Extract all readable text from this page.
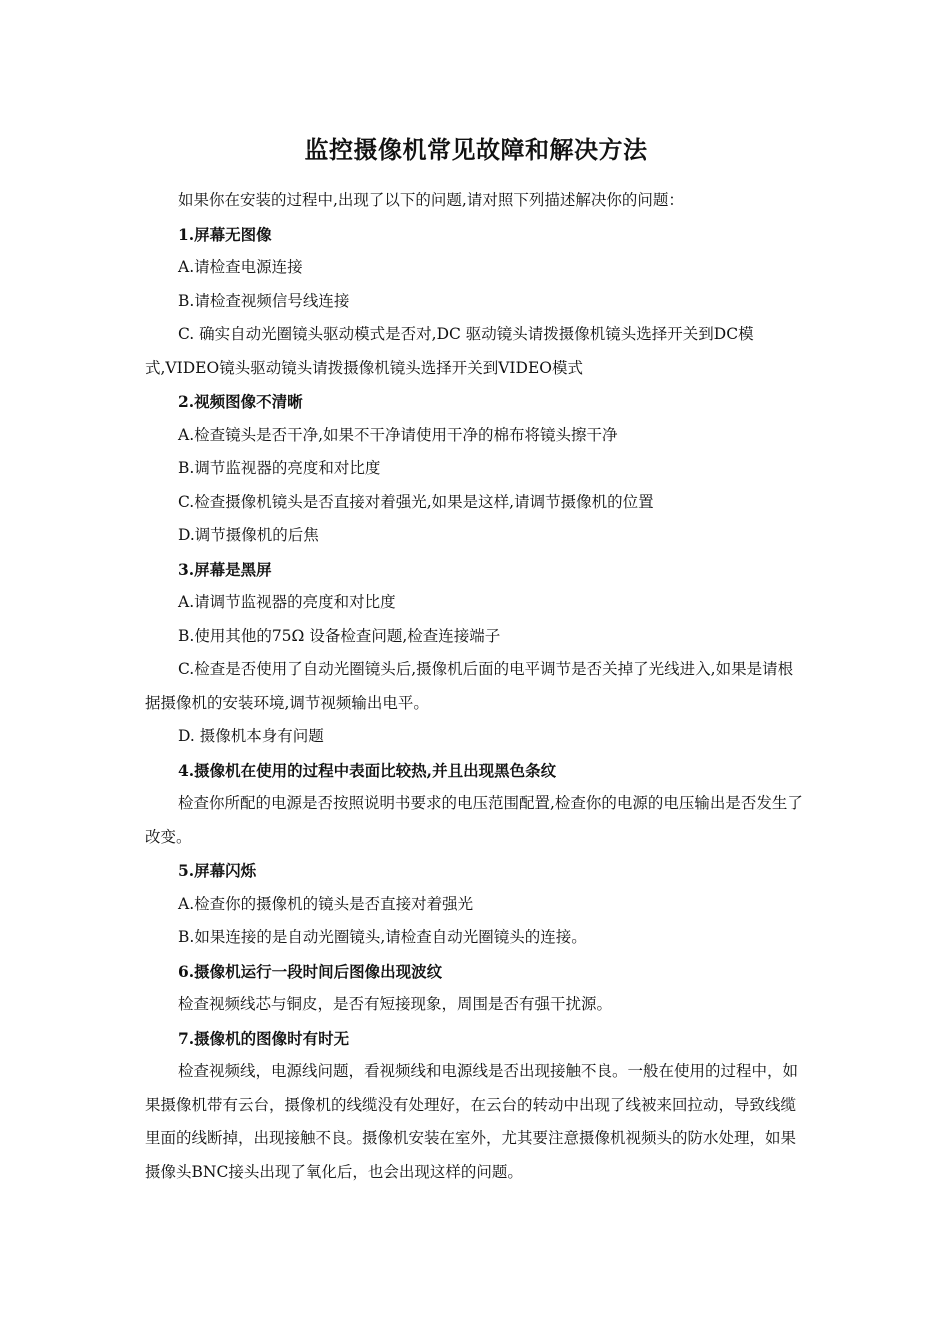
监控摄像机常见故障和解决方法

如果你在安装的过程中,出现了以下的问题,请对照下列描述解决你的问题：

1.屏幕无图像

A.请检查电源连接

B.请检查视频信号线连接

C. 确实自动光圈镜头驱动模式是否对,DC 驱动镜头请拨摄像机镜头选择开关到DC模式,VIDEO镜头驱动镜头请拨摄像机镜头选择开关到VIDEO模式

2.视频图像不清晰

A.检查镜头是否干净,如果不干净请使用干净的棉布将镜头擦干净

B.调节监视器的亮度和对比度

C.检查摄像机镜头是否直接对着强光,如果是这样,请调节摄像机的位置

D.调节摄像机的后焦

3.屏幕是黑屏

A.请调节监视器的亮度和对比度

B.使用其他的75Ω 设备检查问题,检查连接端子

C.检查是否使用了自动光圈镜头后,摄像机后面的电平调节是否关掉了光线进入,如果是请根据摄像机的安装环境,调节视频输出电平。

D. 摄像机本身有问题

4.摄像机在使用的过程中表面比较热,并且出现黑色条纹

检查你所配的电源是否按照说明书要求的电压范围配置,检查你的电源的电压输出是否发生了改变。

5.屏幕闪烁

A.检查你的摄像机的镜头是否直接对着强光

B.如果连接的是自动光圈镜头,请检查自动光圈镜头的连接。

6.摄像机运行一段时间后图像出现波纹

检查视频线芯与铜皮，是否有短接现象，周围是否有强干扰源。

7.摄像机的图像时有时无

检查视频线，电源线问题，看视频线和电源线是否出现接触不良。一般在使用的过程中，如果摄像机带有云台，摄像机的线缆没有处理好，在云台的转动中出现了线被来回拉动，导致线缆里面的线断掉，出现接触不良。摄像机安装在室外，尤其要注意摄像机视频头的防水处理，如果摄像头BNC接头出现了氧化后，也会出现这样的问题。
